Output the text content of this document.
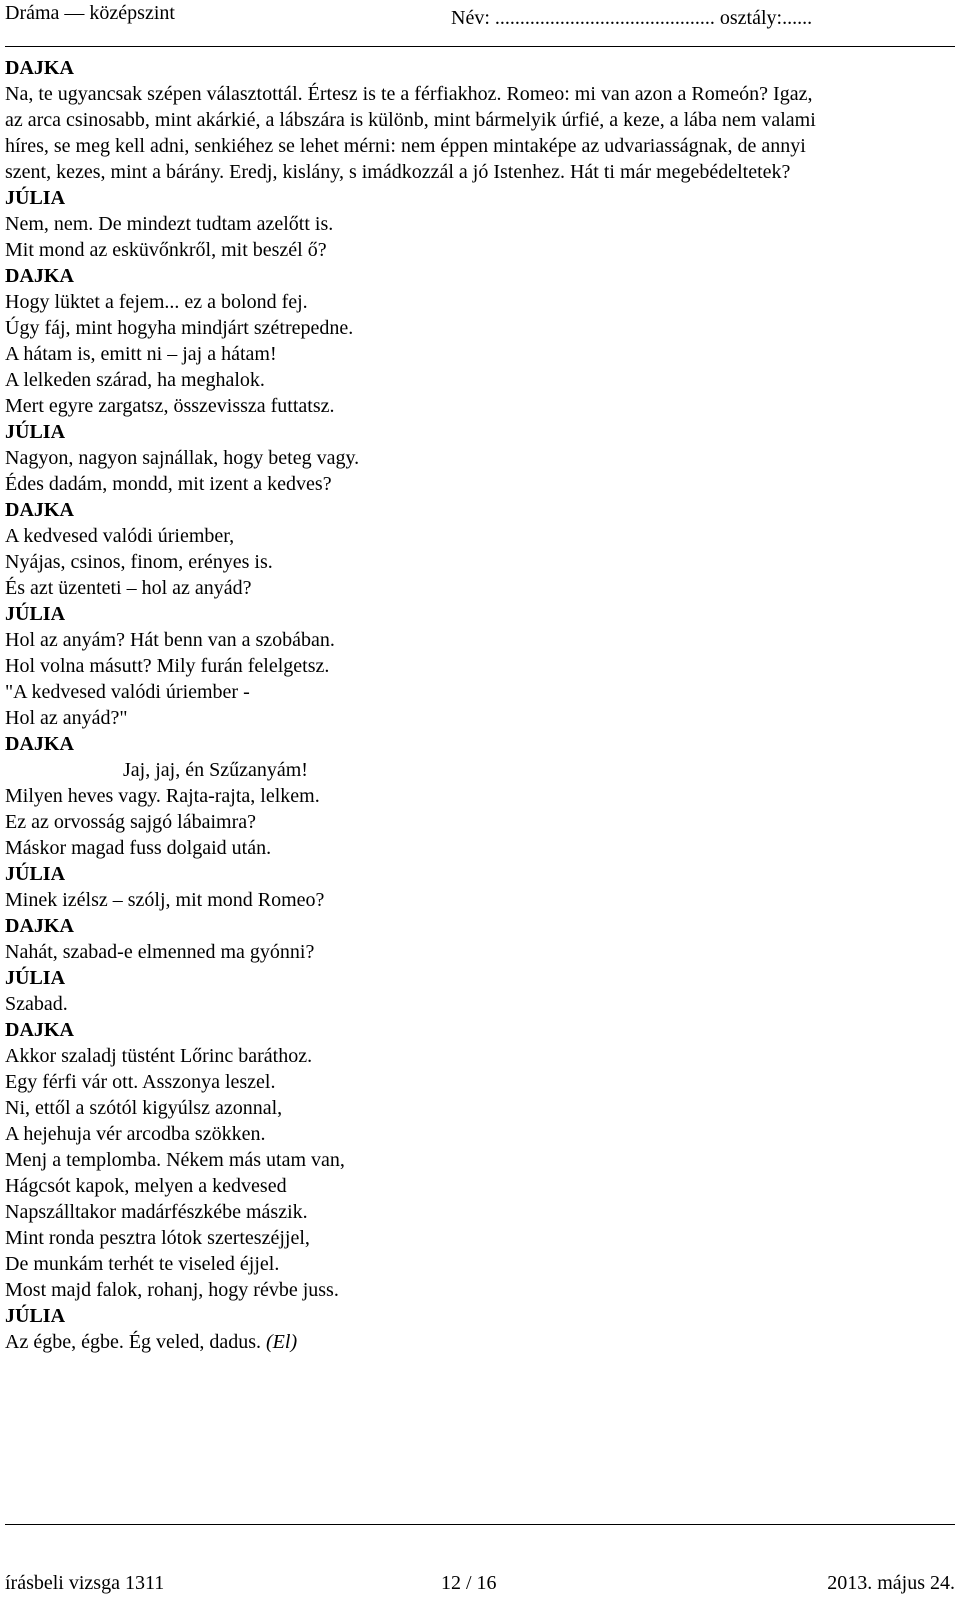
Dráma — középszint	Név: ............................................ osztály:......
DAJKA
Na, te ugyancsak szépen választottál. Értesz is te a férfiakhoz. Romeo: mi van azon a Romeón? Igaz,
az arca csinosabb, mint akárkié, a lábszára is különb, mint bármelyik úrfié, a keze, a lába nem valami
híres, se meg kell adni, senkiéhez se lehet mérni: nem éppen mintaképe az udvariasságnak, de annyi
szent, kezes, mint a bárány. Eredj, kislány, s imádkozzál a jó Istenhez. Hát ti már megebédeltetek?
JÚLIA
Nem, nem. De mindezt tudtam azelőtt is.
Mit mond az esküvőnkről, mit beszél ő?
DAJKA
Hogy lüktet a fejem... ez a bolond fej.
Úgy fáj, mint hogyha mindjárt szétrepedne.
A hátam is, emitt ni – jaj a hátam!
A lelkeden szárad, ha meghalok.
Mert egyre zargatsz, összevissza futtatsz.
JÚLIA
Nagyon, nagyon sajnállak, hogy beteg vagy.
Édes dadám, mondd, mit izent a kedves?
DAJKA
A kedvesed valódi úriember,
Nyájas, csinos, finom, erényes is.
És azt üzenteti – hol az anyád?
JÚLIA
Hol az anyám? Hát benn van a szobában.
Hol volna másutt? Mily furán felelgetsz.
"A kedvesed valódi úriember -
Hol az anyád?"
DAJKA
Jaj, jaj, én Szűzanyám!
Milyen heves vagy. Rajta-rajta, lelkem.
Ez az orvosság sajgó lábaimra?
Máskor magad fuss dolgaid után.
JÚLIA
Minek izélsz – szólj, mit mond Romeo?
DAJKA
Nahát, szabad-e elmenned ma gyónni?
JÚLIA
Szabad.
DAJKA
Akkor szaladj tüstént Lőrinc baráthoz.
Egy férfi vár ott. Asszonya leszel.
Ni, ettől a szótól kigyúlsz azonnal,
A hejehuja vér arcodba szökken.
Menj a templomba. Nékem más utam van,
Hágcsót kapok, melyen a kedvesed
Napszálltakor madárfészkébe mászik.
Mint ronda pesztra lótok szerteszéjjel,
De munkám terhét te viseled éjjel.
Most majd falok, rohanj, hogy révbe juss.
JÚLIA
Az égbe, égbe. Ég veled, dadus. (El)
írásbeli vizsga 1311	12 / 16	2013. május 24.
